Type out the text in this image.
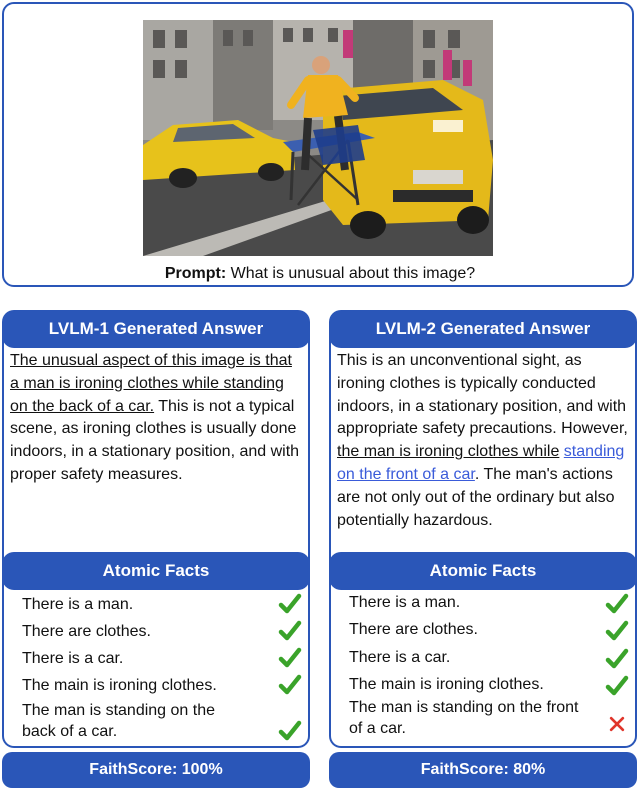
Prompt: What is unusual about this image?
LVLM-1 Generated Answer
The unusual aspect of this image is that a man is ironing clothes while standing on the back of a car. This is not a typical scene, as ironing clothes is usually done indoors, in a stationary position, and with proper safety measures.
Atomic Facts
There is a man.
There are clothes.
There is a car.
The main is ironing clothes.
The man is standing on the back of a car.
LVLM-2 Generated Answer
This is an unconventional sight, as ironing clothes is typically conducted indoors, in a stationary position, and with appropriate safety precautions. However, the man is ironing clothes while standing on the front of a car. The man's actions are not only out of the ordinary but also potentially hazardous.
Atomic Facts
There is a man.
There are clothes.
There is a car.
The main is ironing clothes.
The man is standing on the front of a car.
FaithScore: 100%	FaithScore: 80%
